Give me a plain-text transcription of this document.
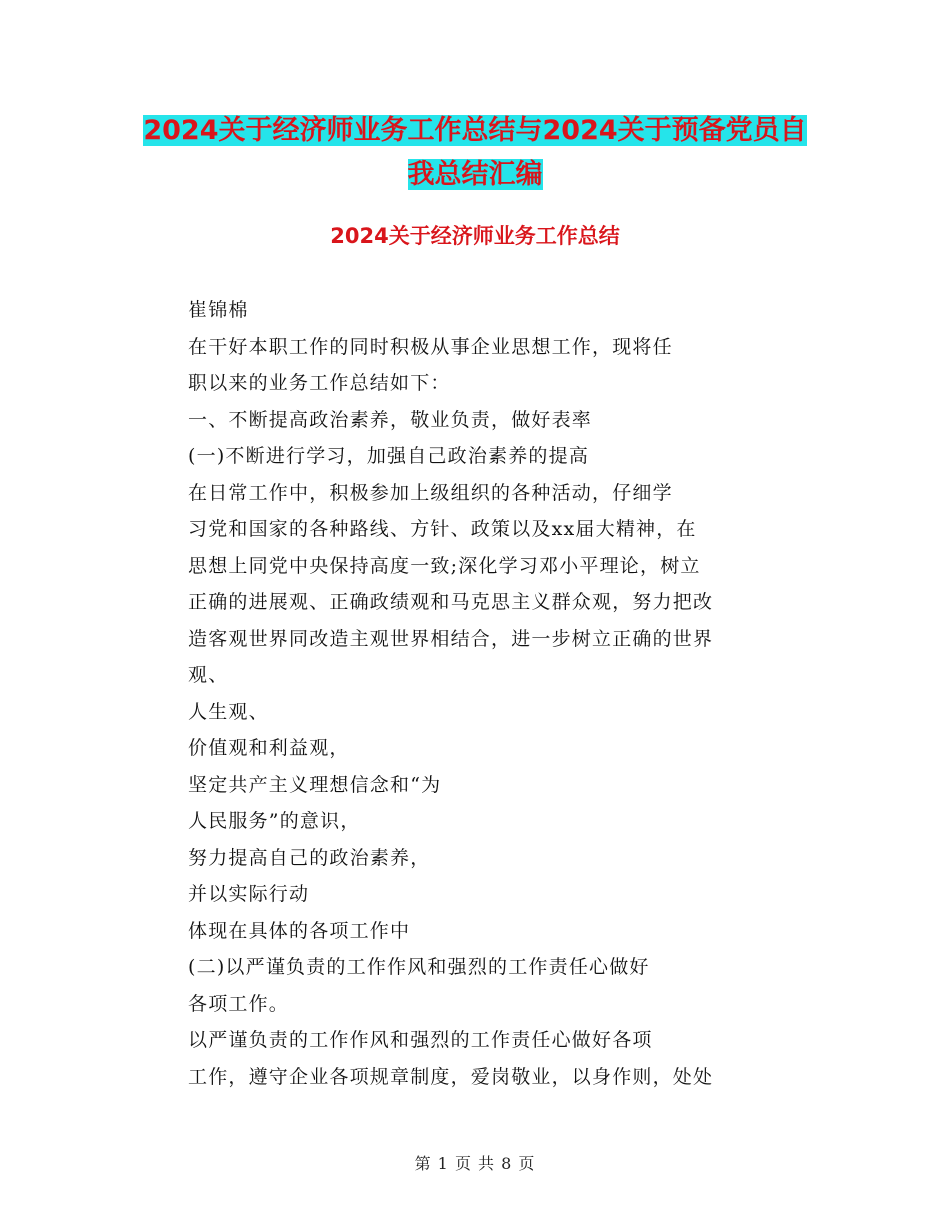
2024关于经济师业务工作总结与2024关于预备党员自
我总结汇编
2024关于经济师业务工作总结
崔锦棉
在干好本职工作的同时积极从事企业思想工作，现将任
职以来的业务工作总结如下：
一、不断提高政治素养，敬业负责，做好表率
(一)不断进行学习，加强自己政治素养的提高
在日常工作中，积极参加上级组织的各种活动，仔细学
习党和国家的各种路线、方针、政策以及xx届大精神，在
思想上同党中央保持高度一致;深化学习邓小平理论，树立
正确的进展观、正确政绩观和马克思主义群众观，努力把改
造客观世界同改造主观世界相结合，进一步树立正确的世界
观、
人生观、
价值观和利益观，
坚定共产主义理想信念和“为
人民服务”的意识，
努力提高自己的政治素养，
并以实际行动
体现在具体的各项工作中
(二)以严谨负责的工作作风和强烈的工作责任心做好
各项工作。
以严谨负责的工作作风和强烈的工作责任心做好各项
工作，遵守企业各项规章制度，爱岗敬业，以身作则，处处
第 1 页 共 8 页
